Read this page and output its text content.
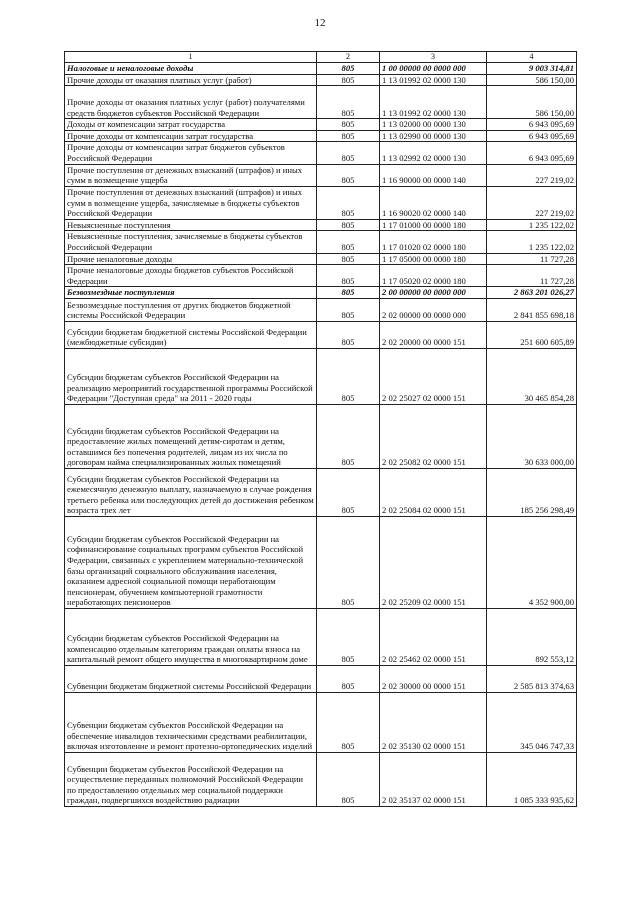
12
1	2	3	4
Налоговые и неналоговые доходы	805	1 00 00000 00 0000 000	9 003 314,81
Прочие доходы от оказания платных услуг (работ)	805	1 13 01992 02 0000 130	586 150,00
Прочие доходы от оказания платных услуг (работ) получателями средств бюджетов субъектов Российской Федерации	805	1 13 01992 02 0000 130	586 150,00
Доходы от компенсации затрат государства	805	1 13 02000 00 0000 130	6 943 095,69
Прочие доходы от компенсации затрат государства	805	1 13 02990 00 0000 130	6 943 095,69
Прочие доходы от компенсации затрат бюджетов субъектов Российской Федерации	805	1 13 02992 02 0000 130	6 943 095,69
Прочие поступления от денежных взысканий (штрафов) и иных сумм в возмещение ущерба	805	1 16 90000 00 0000 140	227 219,02
Прочие поступления от денежных взысканий (штрафов) и иных сумм в возмещение ущерба, зачисляемые в бюджеты субъектов Российской Федерации	805	1 16 90020 02 0000 140	227 219,02
Невыясненные поступления	805	1 17 01000 00 0000 180	1 235 122,02
Невыясненные поступления, зачисляемые в бюджеты субъектов Российской Федерации	805	1 17 01020 02 0000 180	1 235 122,02
Прочие неналоговые доходы	805	1 17 05000 00 0000 180	11 727,28
Прочие неналоговые доходы бюджетов субъектов Российской Федерации	805	1 17 05020 02 0000 180	11 727,28
Безвозмездные поступления	805	2 00 00000 00 0000 000	2 863 201 026,27
Безвозмездные поступления от других бюджетов бюджетной системы Российской Федерации	805	2 02 00000 00 0000 000	2 841 855 698,18
Субсидии бюджетам бюджетной системы Российской Федерации (межбюджетные субсидии)	805	2 02 20000 00 0000 151	251 600 605,89
Субсидии бюджетам субъектов Российской Федерации на реализацию мероприятий государственной программы Российской Федерации "Доступная среда" на 2011 - 2020 годы	805	2 02 25027 02 0000 151	30 465 854,28
Субсидии бюджетам субъектов Российской Федерации на предоставление жилых помещений детям-сиротам и детям, оставшимся без попечения родителей, лицам из их числа по договорам найма специализированных жилых помещений	805	2 02 25082 02 0000 151	30 633 000,00
Субсидии бюджетам субъектов Российской Федерации на ежемесячную денежную выплату, назначаемую в случае рождения третьего ребенка или последующих детей до достижения ребенком возраста трех лет	805	2 02 25084 02 0000 151	185 256 298,49
Субсидии бюджетам субъектов Российской Федерации на софинансирование социальных программ субъектов Российской Федерации, связанных с укреплением материально-технической базы организаций социального обслуживания населения, оказанием адресной социальной помощи неработающим пенсионерам, обучением компьютерной грамотности неработающих пенсионеров	805	2 02 25209 02 0000 151	4 352 900,00
Субсидии бюджетам субъектов Российской Федерации на компенсацию отдельным категориям граждан оплаты взноса на капитальный ремонт общего имущества в многоквартирном доме	805	2 02 25462 02 0000 151	892 553,12
Субвенции бюджетам бюджетной системы Российской Федерации	805	2 02 30000 00 0000 151	2 585 813 374,63
Субвенции бюджетам субъектов Российской Федерации на обеспечение инвалидов техническими средствами реабилитации, включая изготовление и ремонт протезно-ортопедических изделий	805	2 02 35130 02 0000 151	345 046 747,33
Субвенции бюджетам субъектов Российской Федерации на осуществление переданных полномочий Российской Федерации по предоставлению отдельных мер социальной поддержки граждан, подвергшихся воздействию радиации	805	2 02 35137 02 0000 151	1 085 333 935,62
